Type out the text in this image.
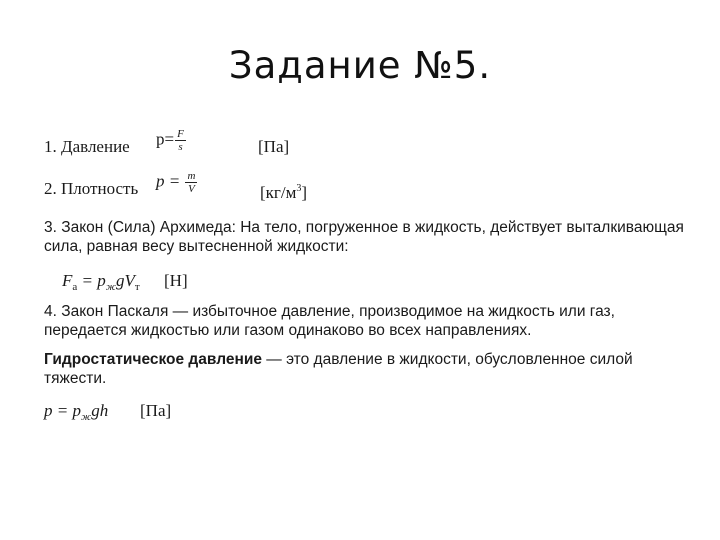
Задание №5.
1. Давление $p= \frac{F}{s}$	[Па]
2. Плотность $p = \frac{m}{V}$	$[кг/м^3]$

3. Закон (Сила) Архимеда: На тело, погруженное в жидкость, действует выталкивающая сила, равная весу вытесненной жидкости:

$F_а = p_жgV_т$ [Н]

4. Закон Паскаля — избыточное давление, производимое на жидкость или газ, передается жидкостью или газом одинаково во всех направлениях.

Гидростатическое давление — это давление в жидкости, обусловленное силой тяжести.

$p = p_жgh$ [Па]
